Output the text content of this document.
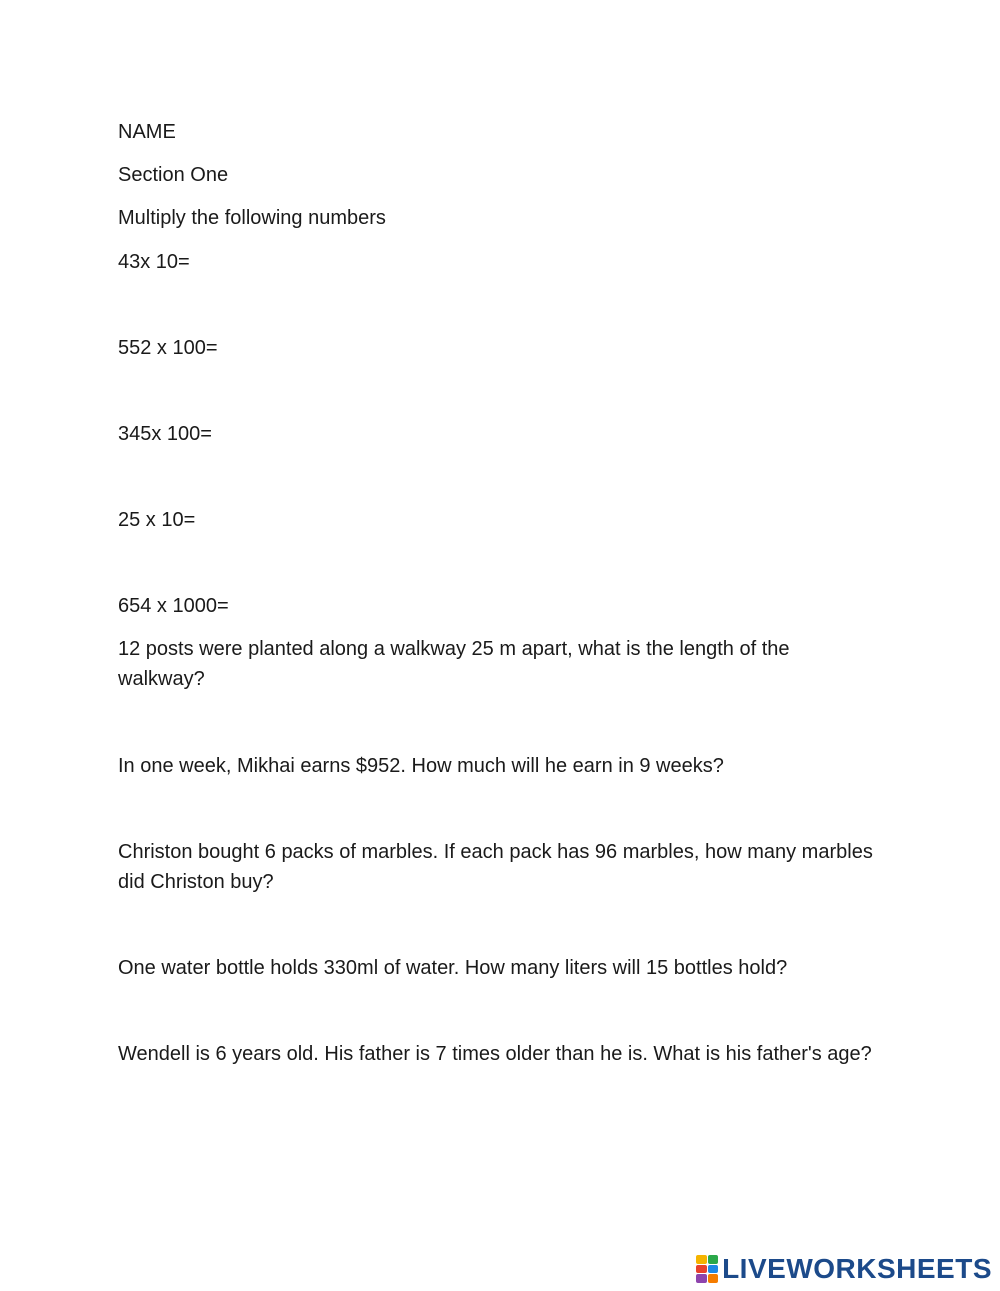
NAME
Section One
Multiply the following numbers
43x 10=
552 x 100=
345x 100=
25 x 10=
654 x 1000=
12 posts were planted along a walkway 25 m apart, what is the length of the walkway?
In one week, Mikhai earns $952. How much will he earn in 9 weeks?
Christon bought 6 packs of marbles. If each pack has 96 marbles, how many marbles did Christon buy?
One water bottle holds 330ml of water. How many liters will 15 bottles hold?
Wendell is 6 years old. His father is 7 times older than he is. What is his father's age?
LIVEWORKSHEETS
